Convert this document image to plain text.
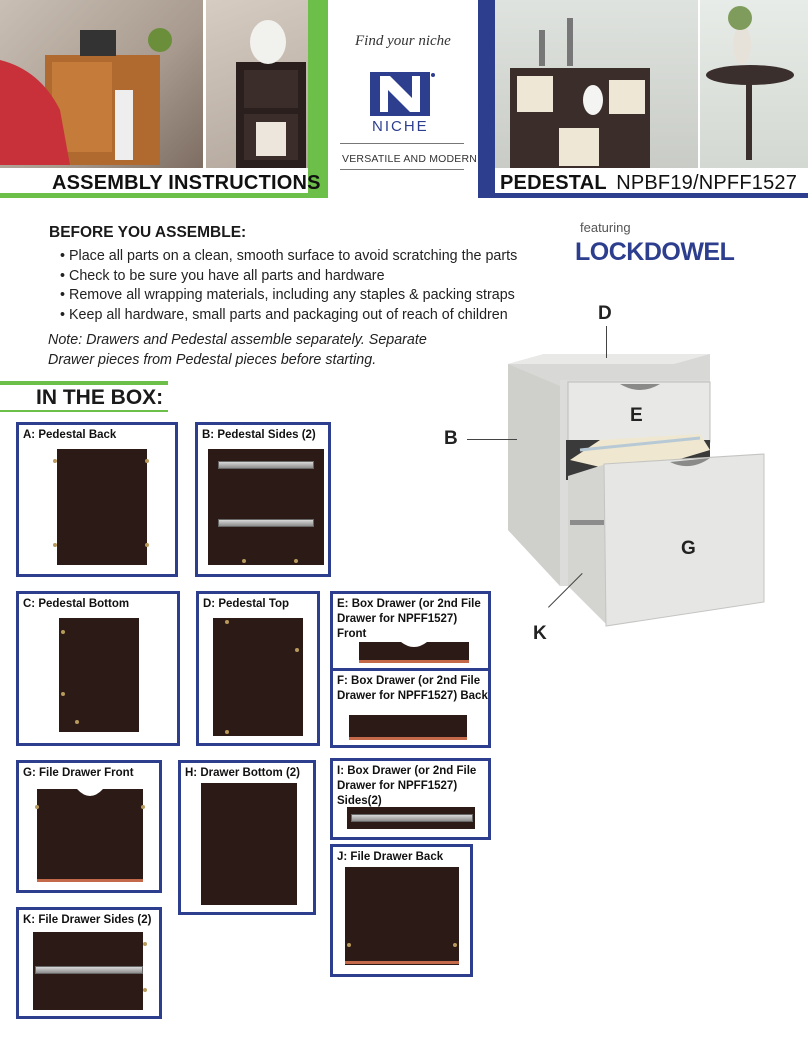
ASSEMBLY INSTRUCTIONS
Find your niche
NICHE
VERSATILE AND MODERN
PEDESTAL NPBF19/NPFF1527
BEFORE YOU ASSEMBLE:
• Place all parts on a clean, smooth surface to avoid scratching the parts
• Check to be sure you have all parts and hardware
• Remove all wrapping materials, including any staples & packing straps
• Keep all hardware, small parts and packaging out of reach of children
Note: Drawers and Pedestal assemble separately. Separate
Drawer pieces from Pedestal pieces before starting.
featuring
LOCKDOWEL
IN THE BOX:
A: Pedestal Back	B: Pedestal Sides (2)
C: Pedestal Bottom	D: Pedestal Top	E: Box Drawer (or 2nd File
Drawer for NPFF1527) Front
F: Box Drawer (or 2nd File
Drawer for NPFF1527) Back
G: File Drawer Front	H: Drawer Bottom (2)	I: Box Drawer (or 2nd File
Drawer for NPFF1527) Sides(2)
J: File Drawer Back
K: File Drawer Sides (2)
D
E
B
G
K
